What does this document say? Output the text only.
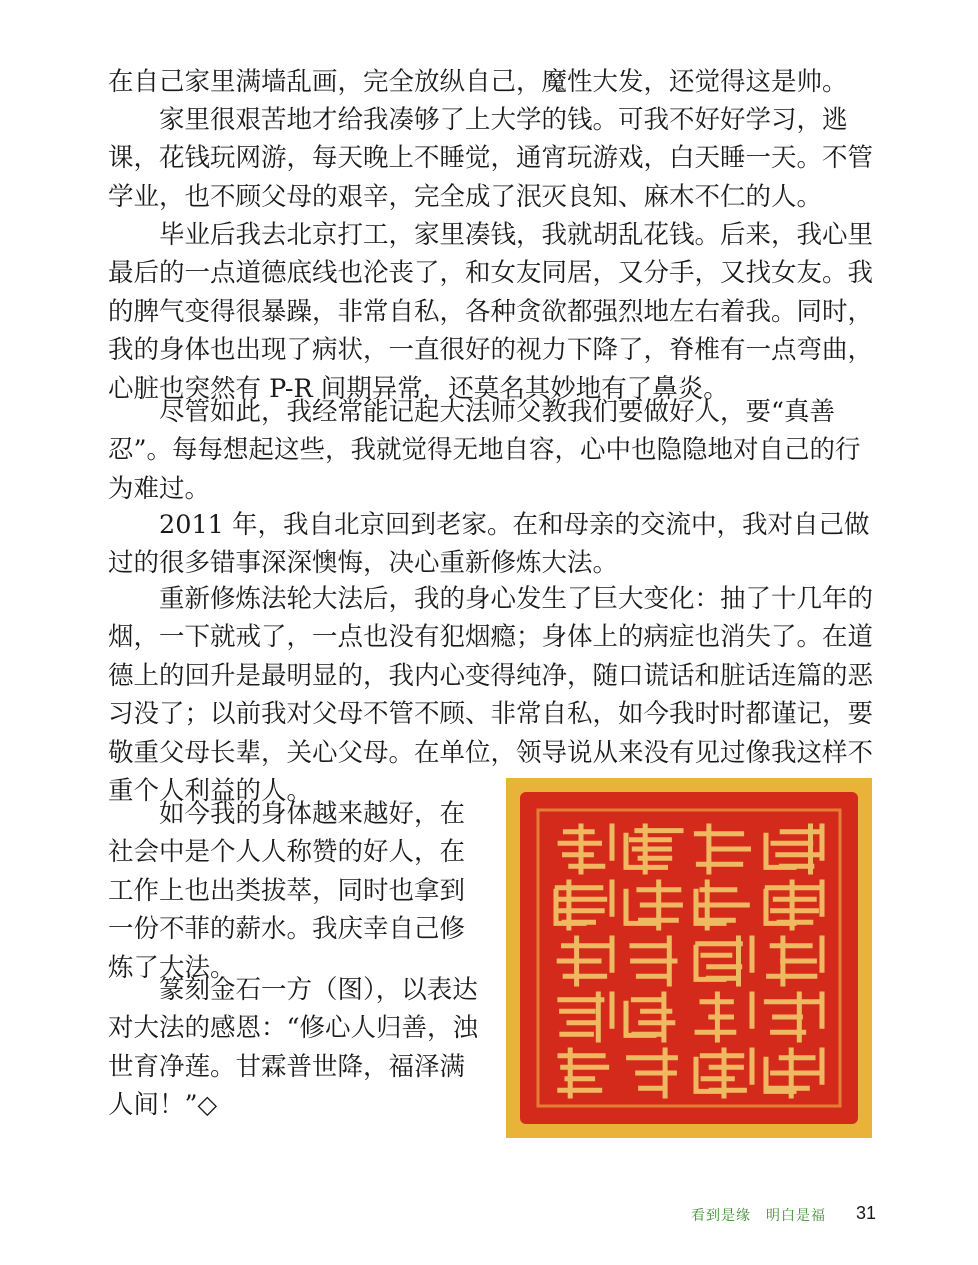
在自己家里满墙乱画，完全放纵自己，魔性大发，还觉得这是帅。

家里很艰苦地才给我凑够了上大学的钱。可我不好好学习，逃课，花钱玩网游，每天晚上不睡觉，通宵玩游戏，白天睡一天。不管学业，也不顾父母的艰辛，完全成了泯灭良知、麻木不仁的人。

毕业后我去北京打工，家里凑钱，我就胡乱花钱。后来，我心里最后的一点道德底线也沦丧了，和女友同居，又分手，又找女友。我的脾气变得很暴躁，非常自私，各种贪欲都强烈地左右着我。同时，我的身体也出现了病状，一直很好的视力下降了，脊椎有一点弯曲，心脏也突然有 P-R 间期异常，还莫名其妙地有了鼻炎。

尽管如此，我经常能记起大法师父教我们要做好人，要“真善忍”。每每想起这些，我就觉得无地自容，心中也隐隐地对自己的行为难过。

2011 年，我自北京回到老家。在和母亲的交流中，我对自己做过的很多错事深深懊悔，决心重新修炼大法。

重新修炼法轮大法后，我的身心发生了巨大变化：抽了十几年的烟，一下就戒了，一点也没有犯烟瘾；身体上的病症也消失了。在道德上的回升是最明显的，我内心变得纯净，随口谎话和脏话连篇的恶习没了；以前我对父母不管不顾、非常自私，如今我时时都谨记，要敬重父母长辈，关心父母。在单位，领导说从来没有见过像我这样不重个人利益的人。

如今我的身体越来越好，在社会中是个人人称赞的好人，在工作上也出类拔萃，同时也拿到一份不菲的薪水。我庆幸自己修炼了大法。

篆刻金石一方（图），以表达对大法的感恩：“修心人归善，浊世育净莲。甘霖普世降，福泽满人间！”◇

看到是缘　明白是福 31
